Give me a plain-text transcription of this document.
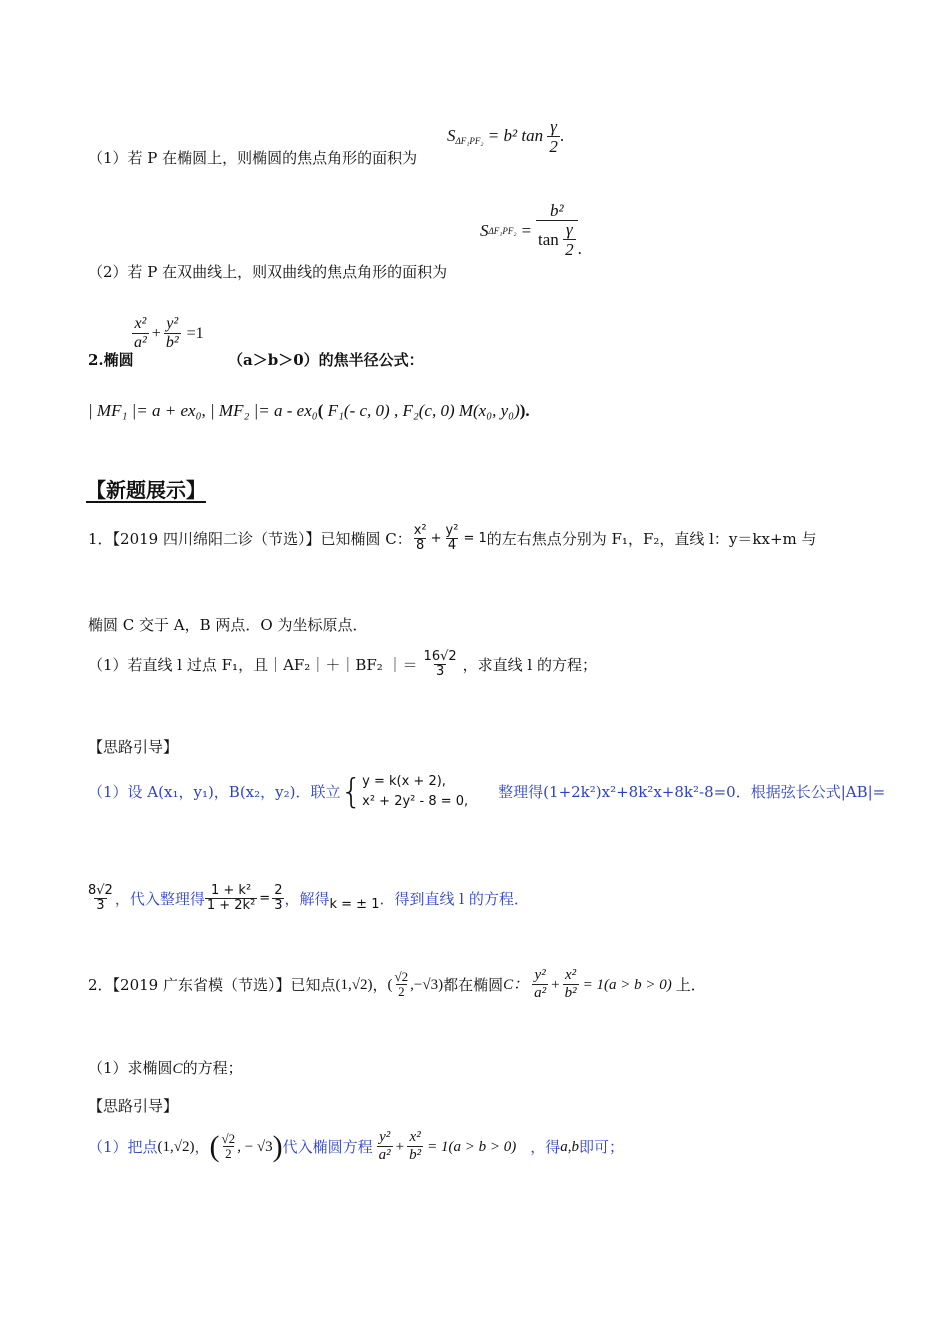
（1）若 P 在椭圆上，则椭圆的焦点角形的面积为
$S_{\Delta F_1PF_2} = b^2$ $\tan \frac{\gamma}{2}$ .
（2）若 P 在双曲线上，则双曲线的焦点角形的面积为
S ΔF₁PF₂ = b²
tan
$\frac{\gamma}{2}$ .
2.椭圆
$\frac{\text{x²}}{\text{a²}} + \frac{\text{y²}}{\text{b²}} =1$
（a＞b＞0）的焦半径公式：
| MF₁ |= a + ex₀, | MF₂ |= a - ex₀( F₁(- c, 0) , F₂(c, 0) M(x₀, y₀)).
【新题展示】
1．【2019 四川绵阳二诊（节选）】已知椭圆 C： $\frac{\text{x²}}{8} + \frac{\text{y²}}{4} = 1$ 的左右焦点分别为 F₁，F₂，直线 l：y＝kx+m 与
椭圆 C 交于 A，B 两点．O 为坐标原点．
（1）若直线 l 过点 F₁，且｜AF₂｜＋｜BF₂ ｜＝ $\frac{16√2}{3}$ ，求直线 l 的方程；
【思路引导】
（1）设 A(x₁，y₁)，B(x₂，y₂)．联立 { y = k(x + 2),
x² + 2y² - 8 = 0,
整理得(1+2k²)x²+8k²x+8k²-8=0．根据弦长公式|AB|=
$\frac{8√2}{3}$ ，代入整理得 $\frac{\text{1 + k²}}{\text{1 + 2k²}} = \frac{2}{3}$ ，解得 k = ± 1 ．得到直线 l 的方程．
2．【2019 广东省模（节选）】已知点 (1,√2) ， ( $\frac{√2}{2} ,-√3$) 都在椭圆 C： $\frac{\text{y²}}{\text{a²}} + \frac{\text{x²}}{\text{b²}} = 1(a > b > 0)$ 上．
（1）求椭圆C的方程；
【思路引导】
（1）把点 (1,√2) ， ( $\frac{√2}{2}$ , − √3 ) 代入椭圆方程 $\frac{\text{y²}}{\text{a²}} + \frac{\text{x²}}{\text{b²}} = 1(a > b > 0)$ ，得 a,b 即可；
